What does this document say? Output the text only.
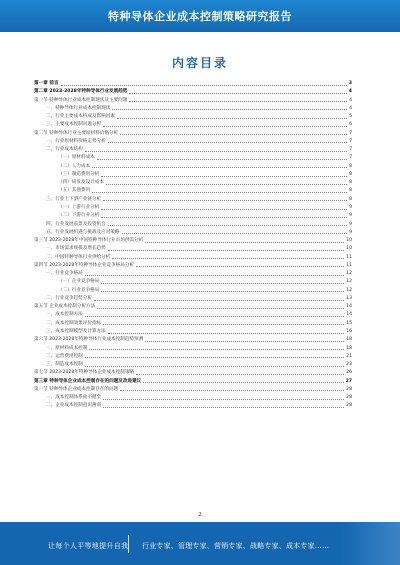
特种导体企业成本控制策略研究报告
内容目录
第一章 前言	3
第二章 2023-2028年特种导体行业发展趋势	4
第一节 特种导体行业成本控制现状及主要问题	4
一、特种导体行业成本控制现状	4
二、行业主要成本构成及影响因素	5
三、主要成本控制问题分析	6
第二节 特种导体行业主要原材料价格分析	7
一、行业原材料价格走势分析	7
二、行业成本结构	7
（一）原材料成本	7
（二）人力成本	8
（三）制造费用分析	8
（四）研发及设计成本	8
（五）其他费用	8
三、行业上下游产业链分析	8
（一）上游行业分析	9
（二）下游行业分析	9
四、行业发展前景及投资机会	9
五、行业发展机遇与挑战及应对策略	9
第三节 2023-2028年中国特种导体行业市场供需分析	10
一、市场需求规模及增长趋势	10
二、中国特种导体行业供给分析	11
第四节 2023-2028年特种导体企业竞争格局分析	11
一、行业竞争格局	12
（一）企业竞争格局	12
（二）行业竞争格局	12
二、行业竞争趋势分析	13
第五节 企业成本控制分析方法	14
一、成本控制方法	14
二、成本控制效果评价指标	15
三、成本控制模型及计算方法	16
第六节 2023-2028年特种导体行业成本控制趋势预测	18
一、原材料成本控制	18
二、运营费用控制	21
三、制造成本控制	23
第七节 2023-2028年特种导体企业成本控制策略	26
第三章 特种导体企业成本控制存在的问题及改进建议	27
第一节 特种导体企业成本控制存在的问题	28
一、成本控制体系尚不健全	28
二、企业成本控制意识薄弱	28
2
让每个人平等地提升自我 行业专家、管理专家、营销专家、战略专家、成本专家……
